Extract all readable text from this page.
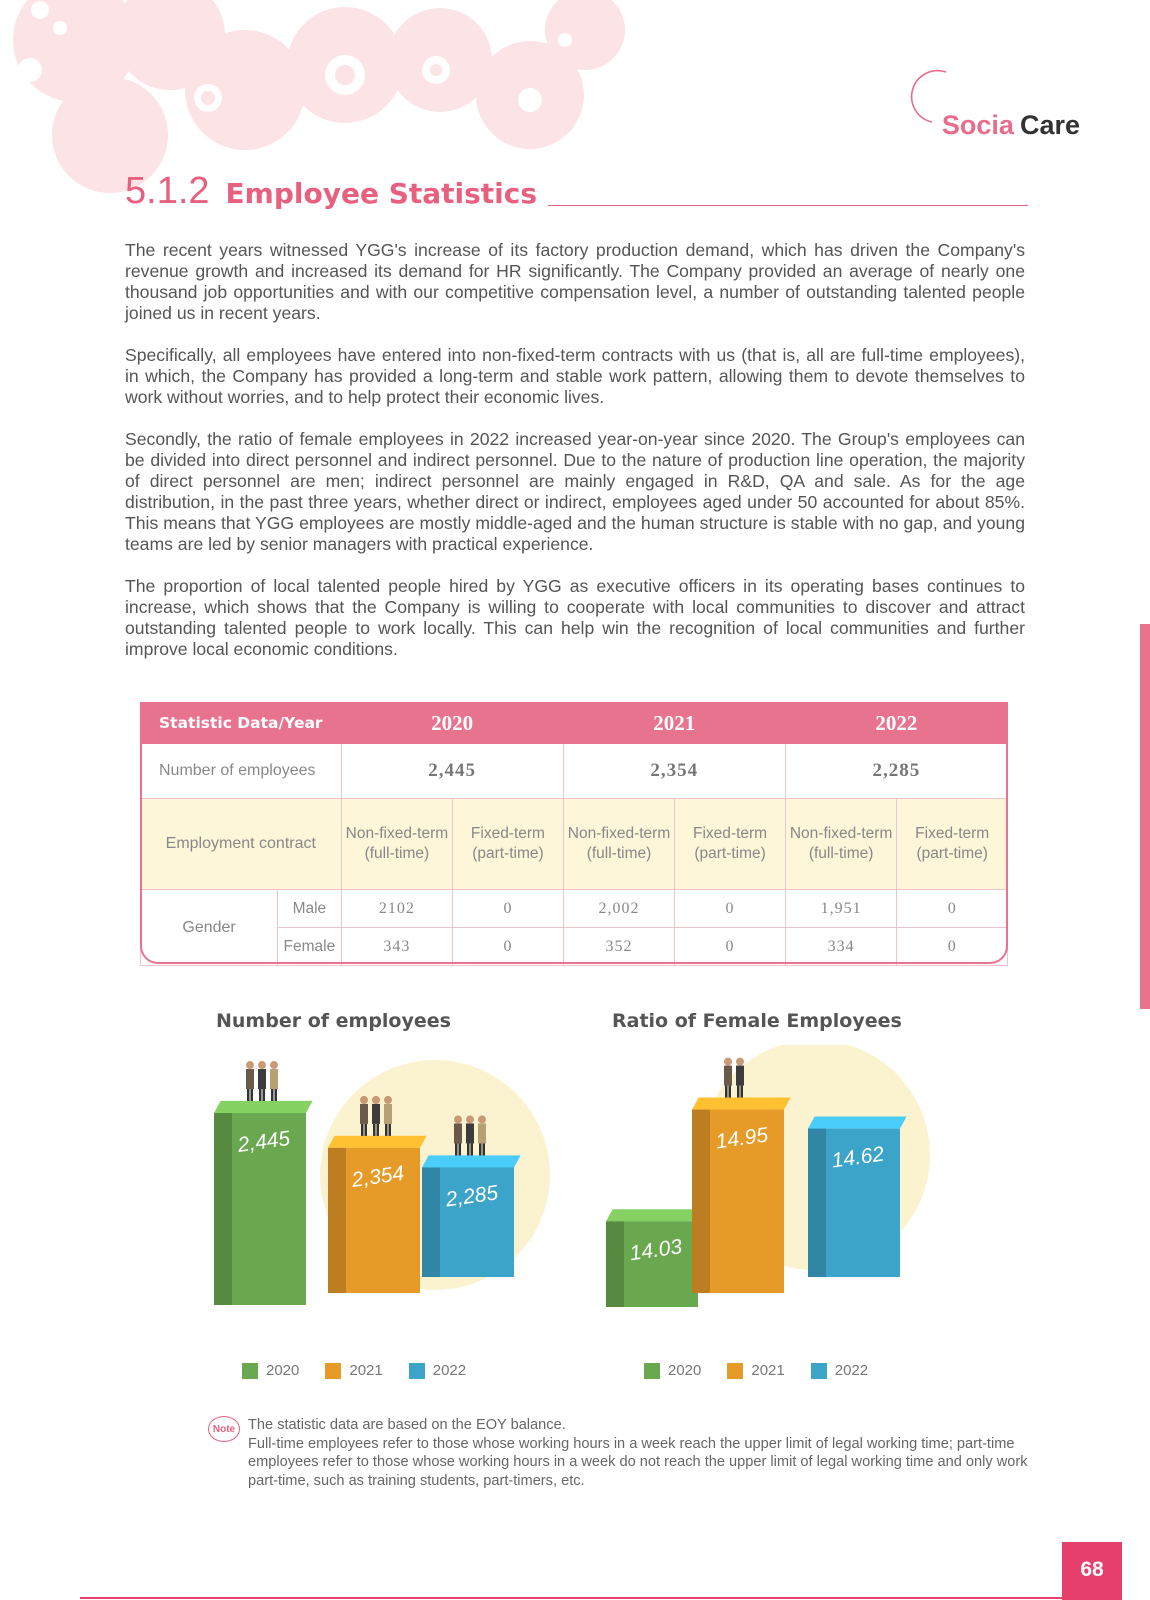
Socia Care
5.1.2 Employee Statistics

The recent years witnessed YGG's increase of its factory production demand, which has driven the Company's revenue growth and increased its demand for HR significantly. The Company provided an average of nearly one thousand job opportunities and with our competitive compensation level, a number of outstanding talented people joined us in recent years.

Specifically, all employees have entered into non-fixed-term contracts with us (that is, all are full-time employees), in which, the Company has provided a long-term and stable work pattern, allowing them to devote themselves to work without worries, and to help protect their economic lives.

Secondly, the ratio of female employees in 2022 increased year-on-year since 2020. The Group's employees can be divided into direct personnel and indirect personnel. Due to the nature of production line operation, the majority of direct personnel are men; indirect personnel are mainly engaged in R&D, QA and sale. As for the age distribution, in the past three years, whether direct or indirect, employees aged under 50 accounted for about 85%. This means that YGG employees are mostly middle-aged and the human structure is stable with no gap, and young teams are led by senior managers with practical experience.

The proportion of local talented people hired by YGG as executive officers in its operating bases continues to increase, which shows that the Company is willing to cooperate with local communities to discover and attract outstanding talented people to work locally. This can help win the recognition of local communities and further improve local economic conditions.

Statistic Data/Year		2020		2021		2022	
Number of employees		2,445		2,354		2,285	
Employment contract		Non-fixed-term (full-time)	Fixed-term (part-time)	Non-fixed-term (full-time)	Fixed-term (part-time)	Non-fixed-term (full-time)	Fixed-term (part-time)
Gender	Male	2102	0	2,002	0	1,951	0
	Female	343	0	352	0	334	0
Number of employees
2,285
2,354
2,445
2020	2021	2022
Ratio of Female Employees
14.03
14.62
14.95
2020	2021	2022
Note The statistic data are based on the EOY balance.
Full-time employees refer to those whose working hours in a week reach the upper limit of legal working time; part-time employees refer to those whose working hours in a week do not reach the upper limit of legal working time and only work part-time, such as training students, part-timers, etc.
68
